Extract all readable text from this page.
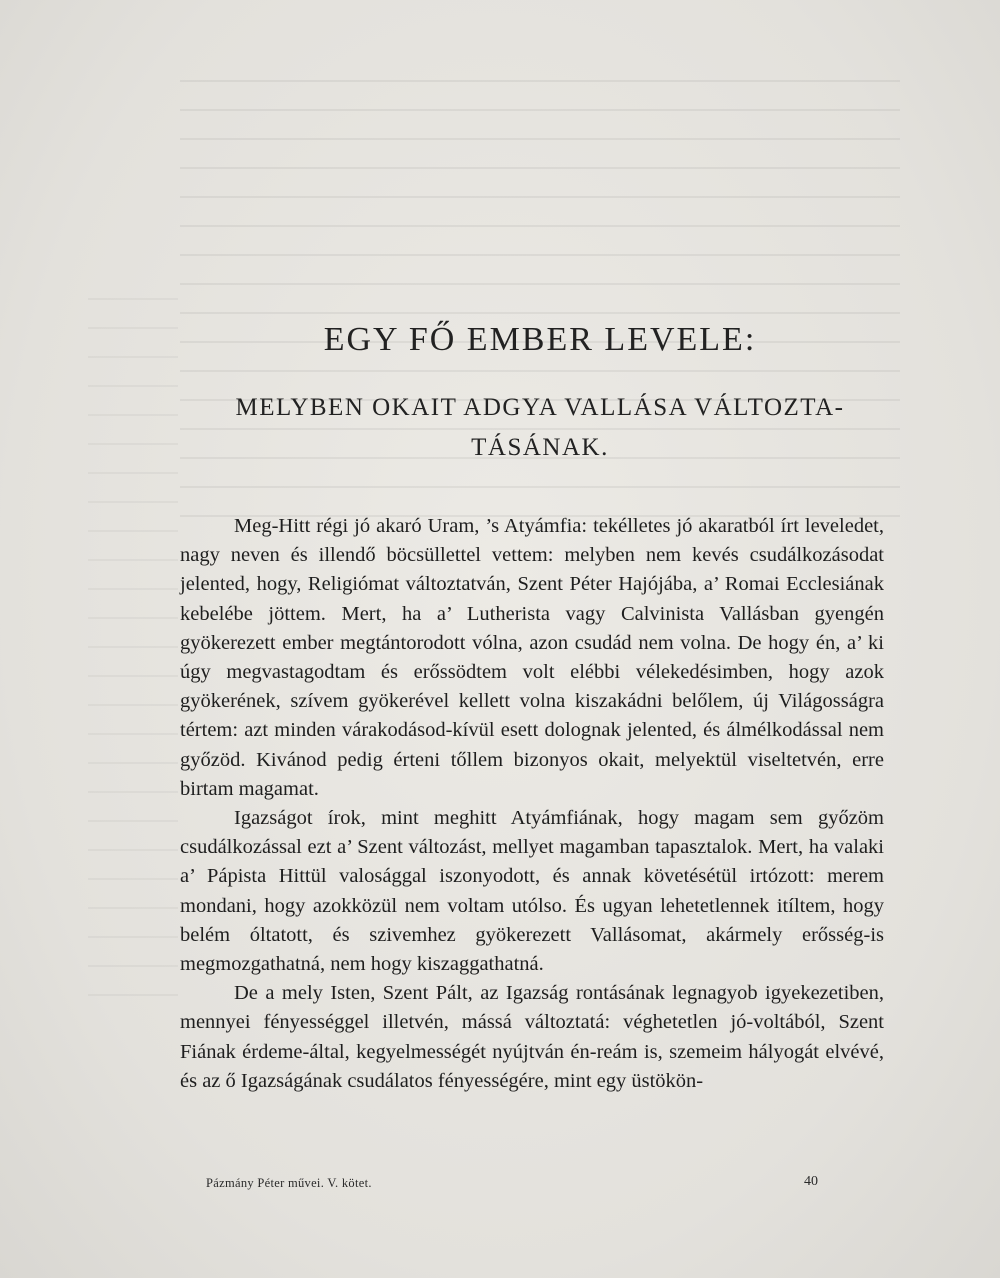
EGY FŐ EMBER LEVELE:
MELYBEN OKAIT ADGYA VALLÁSA VÁLTOZTA-
TÁSÁNAK.

Meg-Hitt régi jó akaró Uram, ’s Atyámfia: tekélletes jó akaratból írt leveledet, nagy neven és illendő böcsüllettel vettem: melyben nem kevés csudálkozásodat jelented, hogy, Religiómat változtatván, Szent Péter Hajójába, a’ Romai Ecclesiának kebelébe jöttem. Mert, ha a’ Lutherista vagy Calvinista Vallásban gyengén gyökerezett ember megtántorodott vólna, azon csudád nem volna. De hogy én, a’ ki úgy megvastagodtam és erőssödtem volt elébbi vélekedésimben, hogy azok gyökerének, szívem gyökerével kellett volna kiszakádni belőlem, új Világosságra tértem: azt minden várakodásod-kívül esett dolognak jelented, és álmélkodással nem győzöd. Kivánod pedig érteni tőllem bizonyos okait, melyektül viseltetvén, erre birtam magamat.

Igazságot írok, mint meghitt Atyámfiának, hogy magam sem győzöm csudálkozással ezt a’ Szent változást, mellyet magamban tapasztalok. Mert, ha valaki a’ Pápista Hittül valosággal iszonyodott, és annak követésétül irtózott: merem mondani, hogy azokközül nem voltam utólso. És ugyan lehetetlennek itíltem, hogy belém óltatott, és szivemhez gyökerezett Vallásomat, akármely erősség-is megmozgathatná, nem hogy kiszaggathatná.

De a mely Isten, Szent Pált, az Igazság rontásának legnagyob igyekezetiben, mennyei fényességgel illetvén, mássá változtatá: véghetetlen jó-voltából, Szent Fiának érdeme-által, kegyelmességét nyújtván én-reám is, szemeim hályogát elvévé, és az ő Igazságának csudálatos fényességére, mint egy üstökön-

Pázmány Péter művei. V. kötet.	40
